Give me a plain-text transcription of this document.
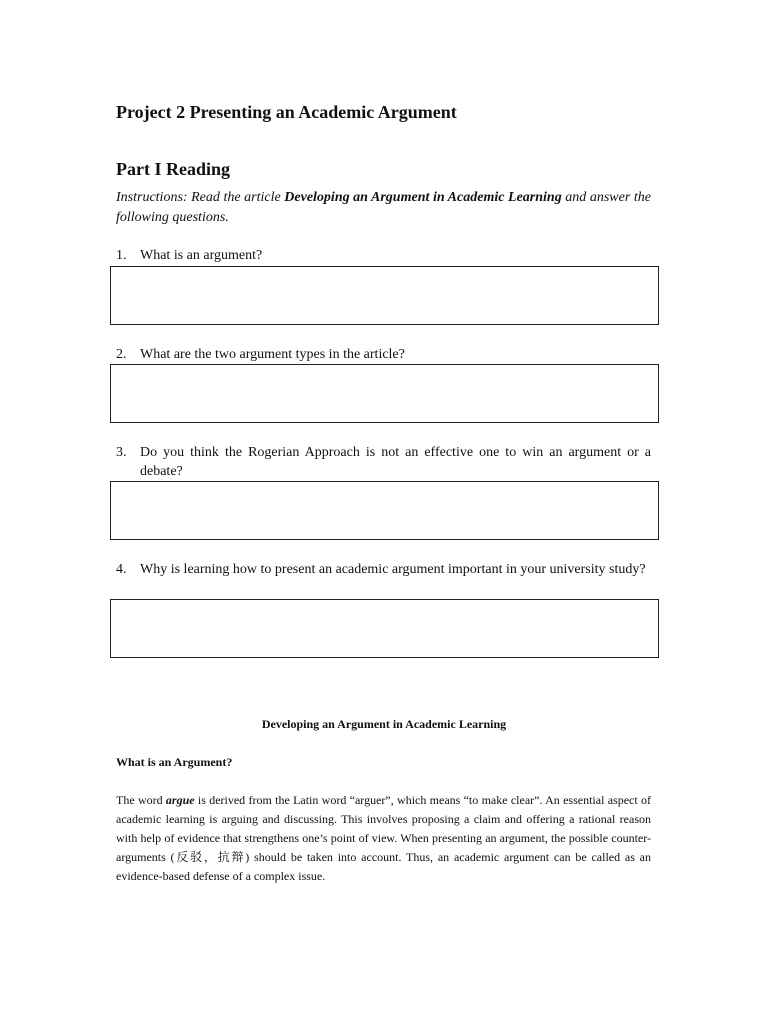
Project 2 Presenting an Academic Argument
Part I Reading
Instructions: Read the article Developing an Argument in Academic Learning and answer the following questions.
1. What is an argument?
2. What are the two argument types in the article?
3. Do you think the Rogerian Approach is not an effective one to win an argument or a debate?
4. Why is learning how to present an academic argument important in your university study?
Developing an Argument in Academic Learning
What is an Argument?
The word argue is derived from the Latin word “arguer”, which means “to make clear”. An essential aspect of academic learning is arguing and discussing. This involves proposing a claim and offering a rational reason with help of evidence that strengthens one’s point of view. When presenting an argument, the possible counter-arguments (反驳，抗辩) should be taken into account. Thus, an academic argument can be called as an evidence-based defense of a complex issue.
